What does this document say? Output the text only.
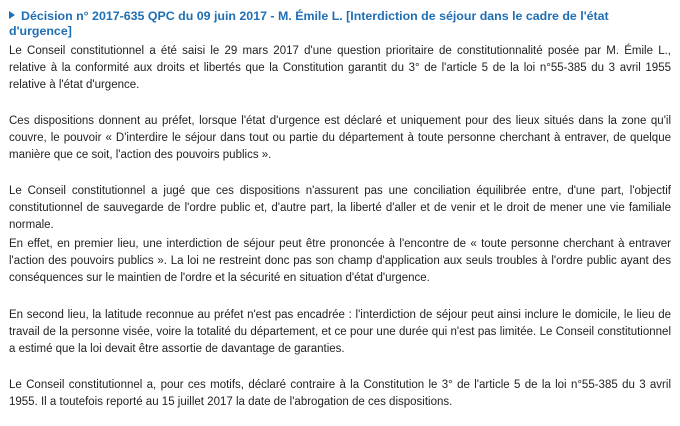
Décision n° 2017-635 QPC du 09 juin 2017 - M. Émile L. [Interdiction de séjour dans le cadre de l'état d'urgence]

Le Conseil constitutionnel a été saisi le 29 mars 2017 d'une question prioritaire de constitutionnalité posée par M. Émile L., relative à la conformité aux droits et libertés que la Constitution garantit du 3° de l'article 5 de la loi n°55-385 du 3 avril 1955 relative à l'état d'urgence.

Ces dispositions donnent au préfet, lorsque l'état d'urgence est déclaré et uniquement pour des lieux situés dans la zone qu'il couvre, le pouvoir « D'interdire le séjour dans tout ou partie du département à toute personne cherchant à entraver, de quelque manière que ce soit, l'action des pouvoirs publics ».

Le Conseil constitutionnel a jugé que ces dispositions n'assurent pas une conciliation équilibrée entre, d'une part, l'objectif constitutionnel de sauvegarde de l'ordre public et, d'autre part, la liberté d'aller et de venir et le droit de mener une vie familiale normale.

En effet, en premier lieu, une interdiction de séjour peut être prononcée à l'encontre de « toute personne cherchant à entraver l'action des pouvoirs publics ». La loi ne restreint donc pas son champ d'application aux seuls troubles à l'ordre public ayant des conséquences sur le maintien de l'ordre et la sécurité en situation d'état d'urgence.

En second lieu, la latitude reconnue au préfet n'est pas encadrée : l'interdiction de séjour peut ainsi inclure le domicile, le lieu de travail de la personne visée, voire la totalité du département, et ce pour une durée qui n'est pas limitée. Le Conseil constitutionnel a estimé que la loi devait être assortie de davantage de garanties.

Le Conseil constitutionnel a, pour ces motifs, déclaré contraire à la Constitution le 3° de l'article 5 de la loi n°55-385 du 3 avril 1955. Il a toutefois reporté au 15 juillet 2017 la date de l'abrogation de ces dispositions.
